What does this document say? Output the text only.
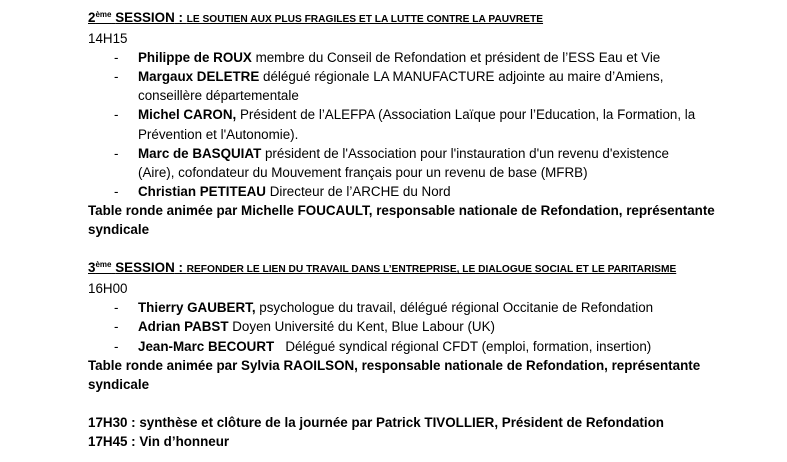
2ème SESSION : LE SOUTIEN AUX PLUS FRAGILES ET LA LUTTE CONTRE LA PAUVRETE
14H15
- Philippe de ROUX membre du Conseil de Refondation et président de l’ESS Eau et Vie
- Margaux DELETRE délégué régionale LA MANUFACTURE adjointe au maire d’Amiens,
conseillère départementale
- Michel CARON, Président de l’ALEFPA (Association Laïque pour l’Education, la Formation, la
Prévention et l'Autonomie).
- Marc de BASQUIAT président de l'Association pour l'instauration d'un revenu d'existence
(Aire), cofondateur du Mouvement français pour un revenu de base (MFRB)
- Christian PETITEAU Directeur de l’ARCHE du Nord
Table ronde animée par Michelle FOUCAULT, responsable nationale de Refondation, représentante
syndicale
3ème SESSION : REFONDER LE LIEN DU TRAVAIL DANS L’ENTREPRISE, LE DIALOGUE SOCIAL ET LE PARITARISME
16H00
- Thierry GAUBERT, psychologue du travail, délégué régional Occitanie de Refondation
- Adrian PABST Doyen Université du Kent, Blue Labour (UK)
- Jean-Marc BECOURT   Délégué syndical régional CFDT (emploi, formation, insertion)
Table ronde animée par Sylvia RAOILSON, responsable nationale de Refondation, représentante
syndicale
17H30 : synthèse et clôture de la journée par Patrick TIVOLLIER, Président de Refondation
17H45 : Vin d’honneur
